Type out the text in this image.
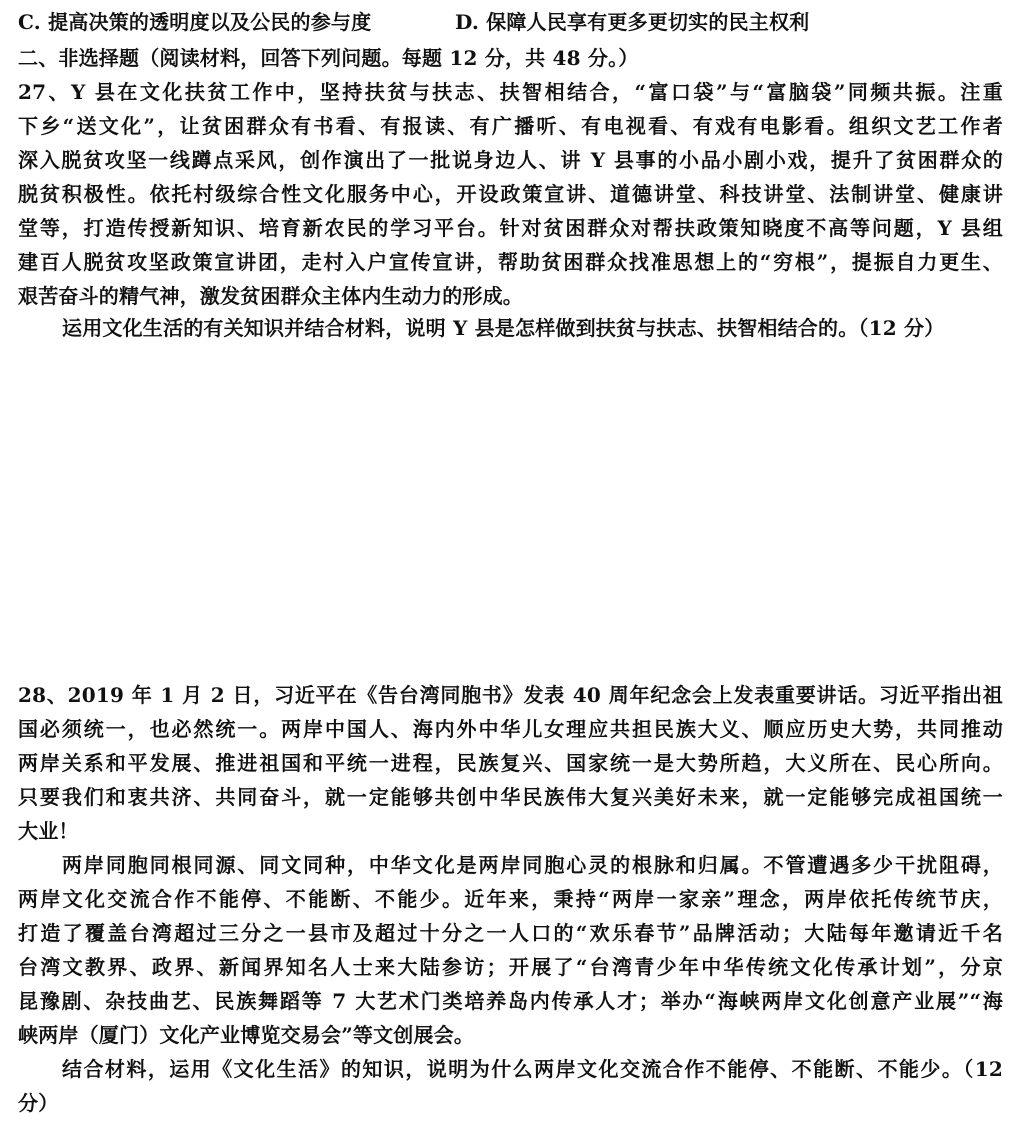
C. 提高决策的透明度以及公民的参与度	D. 保障人民享有更多更切实的民主权利
二、非选择题（阅读材料，回答下列问题。每题 12 分，共 48 分。）
27、Y 县在文化扶贫工作中，坚持扶贫与扶志、扶智相结合，“富口袋”与“富脑袋”同频共振。注重
下乡“送文化”，让贫困群众有书看、有报读、有广播听、有电视看、有戏有电影看。组织文艺工作者
深入脱贫攻坚一线蹲点采风，创作演出了一批说身边人、讲 Y 县事的小品小剧小戏，提升了贫困群众的
脱贫积极性。依托村级综合性文化服务中心，开设政策宣讲、道德讲堂、科技讲堂、法制讲堂、健康讲
堂等，打造传授新知识、培育新农民的学习平台。针对贫困群众对帮扶政策知晓度不高等问题，Y 县组
建百人脱贫攻坚政策宣讲团，走村入户宣传宣讲，帮助贫困群众找准思想上的“穷根”，提振自力更生、
艰苦奋斗的精气神，激发贫困群众主体内生动力的形成。
运用文化生活的有关知识并结合材料，说明 Y 县是怎样做到扶贫与扶志、扶智相结合的。（12 分）
28、2019 年 1 月 2 日，习近平在《告台湾同胞书》发表 40 周年纪念会上发表重要讲话。习近平指出祖
国必须统一，也必然统一。两岸中国人、海内外中华儿女理应共担民族大义、顺应历史大势，共同推动
两岸关系和平发展、推进祖国和平统一进程，民族复兴、国家统一是大势所趋，大义所在、民心所向。
只要我们和衷共济、共同奋斗，就一定能够共创中华民族伟大复兴美好未来，就一定能够完成祖国统一
大业！
两岸同胞同根同源、同文同种，中华文化是两岸同胞心灵的根脉和归属。不管遭遇多少干扰阻碍，
两岸文化交流合作不能停、不能断、不能少。近年来，秉持“两岸一家亲”理念，两岸依托传统节庆，
打造了覆盖台湾超过三分之一县市及超过十分之一人口的“欢乐春节”品牌活动；大陆每年邀请近千名
台湾文教界、政界、新闻界知名人士来大陆参访；开展了“台湾青少年中华传统文化传承计划”，分京
昆豫剧、杂技曲艺、民族舞蹈等 7 大艺术门类培养岛内传承人才；举办“海峡两岸文化创意产业展”“海
峡两岸（厦门）文化产业博览交易会”等文创展会。
结合材料，运用《文化生活》的知识，说明为什么两岸文化交流合作不能停、不能断、不能少。（12
分）
